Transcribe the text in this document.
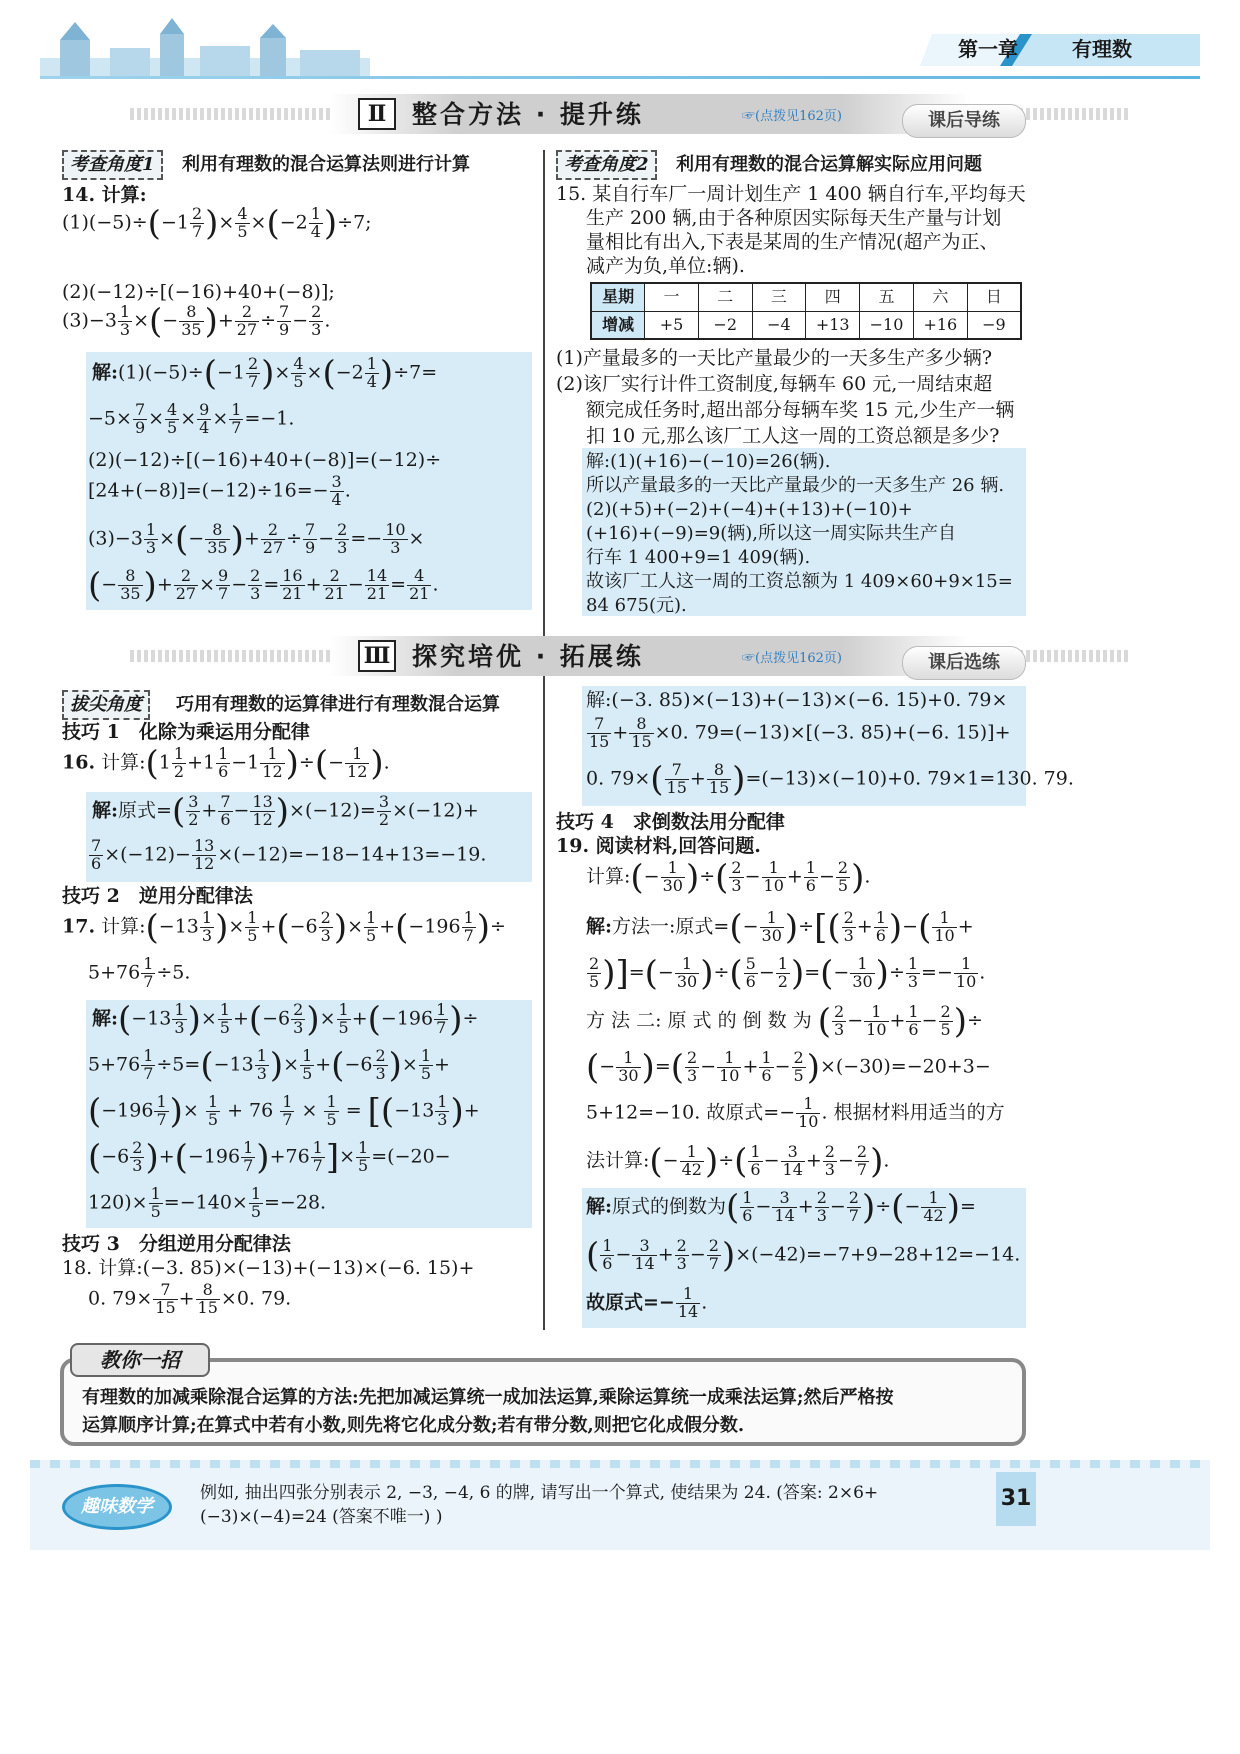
第一章	有理数
Ⅱ	整合方法 · 提升练	☞(点拨见162页)	课后导练
考查角度1	利用有理数的混合运算法则进行计算
14. 计算:
$(1)(-5)\div(-1 \frac{2}{7}$ )× $\frac{4}{5} \times(-2 \frac{1}{4} )\div 7$;
(2)(−12)÷[(−16)+40+(−8)];
$(3)-3 \frac{1}{3}$ ×(− $\frac{8}{35}$ )+ $\frac{2}{27} \div \frac{7}{9} - \frac{2}{3}$ .
解:(1)(−5)÷(−1 $\frac{2}{7}$ )× $\frac{4}{5} \times(-2 \frac{1}{4} )\div 7=$
$-5\times \frac{7}{9} \times \frac{4}{5} \times \frac{9}{4} \times \frac{1}{7} =-1$.
(2)(−12)÷[(−16)+40+(−8)]=(−12)÷
$[24+(-8)]=(-12)\div 16=- \frac{3}{4}$ .
$(3)-3 \frac{1}{3}$ ×(− $\frac{8}{35}$ )+ $\frac{2}{27} \div \frac{7}{9} - \frac{2}{3} =- \frac{10}{3}$ ×
(− $\frac{8}{35}$ )+ $\frac{2}{27} \times \frac{9}{7} - \frac{2}{3} = \frac{16}{21} + \frac{2}{21} - \frac{14}{21} = \frac{4}{21}$ .
考查角度2	利用有理数的混合运算解实际应用问题
15. 某自行车厂一周计划生产 1 400 辆自行车,平均每天
生产 200 辆,由于各种原因实际每天生产量与计划
量相比有出入,下表是某周的生产情况(超产为正、
减产为负,单位:辆).
星期	一	二	三	四	五	六	日
增减	+5	−2	−4	+13	−10	+16	−9
(1)产量最多的一天比产量最少的一天多生产多少辆?
(2)该厂实行计件工资制度,每辆车 60 元,一周结束超
额完成任务时,超出部分每辆车奖 15 元,少生产一辆
扣 10 元,那么该厂工人这一周的工资总额是多少?
解:(1)(+16)−(−10)=26(辆).
所以产量最多的一天比产量最少的一天多生产 26 辆.
(2)(+5)+(−2)+(−4)+(+13)+(−10)+
(+16)+(−9)=9(辆),所以这一周实际共生产自
行车 1 400+9=1 409(辆).
故该厂工人这一周的工资总额为 1 409×60+9×15=
84 675(元).
Ⅲ 探究培优 · 拓展练	☞(点拨见162页)	课后选练
拔尖角度	巧用有理数的运算律进行有理数混合运算
技巧 1　化除为乘运用分配律
16. 计算:(1 $\frac{1}{2} +1 \frac{1}{6} -1 \frac{1}{12}$ )÷(− $\frac{1}{12}$ ).
解:原式=( $\frac{3}{2} + \frac{7}{6} - \frac{13}{12} )\times(-12)= \frac{3}{2} \times(-12)+$
$\frac{7}{6} \times(-12)- \frac{13}{12} \times(-12)=-18-14+13=-19$.
技巧 2　逆用分配律法
17. 计算:(−13 $\frac{1}{3}$ )× $\frac{1}{5} +(-6 \frac{2}{3}$ )× $\frac{1}{5} +(-196 \frac{1}{7}$ )÷
$5+76 \frac{1}{7} \div 5$.
解:(−13 $\frac{1}{3}$ )× $\frac{1}{5} +(-6 \frac{2}{3}$ )× $\frac{1}{5} +(-196 \frac{1}{7}$ )÷
$5+76 \frac{1}{7} \div 5=(-13 \frac{1}{3}$ )× $\frac{1}{5} +(-6 \frac{2}{3}$ )× $\frac{1}{5}$ +
($-196 \frac{1}{7}$ )× $\frac{1}{5} + 76 \frac{1}{7} \times \frac{1}{5} = [(-13 \frac{1}{3}$ )+
$(-6 \frac{2}{3} )+(-196 \frac{1}{7} )+76 \frac{1}{7}$ ]× $\frac{1}{5} =(-20-$
$120)\times \frac{1}{5} =-140\times \frac{1}{5} =-28$.
技巧 3　分组逆用分配律法
18. 计算:(−3. 85)×(−13)+(−13)×(−6. 15)+
0. $79\times \frac{7}{15} + \frac{8}{15} \times 0$. 79.
解:(−3. 85)×(−13)+(−13)×(−6. 15)+0. 79×
$\frac{7}{15} + \frac{8}{15} \times 0$. 79=(−13)×[(−3. 85)+(−6. 15)]+
0. $79\times( \frac{7}{15} + \frac{8}{15} )=(-13)\times(-10)+0$. 79×1=130. 79.
技巧 4　求倒数法用分配律
19. 阅读材料,回答问题.
计算:(− $\frac{1}{30}$ )÷( $\frac{2}{3} - \frac{1}{10} + \frac{1}{6} - \frac{2}{5}$ ).
解:方法一:原式=(− $\frac{1}{30}$ )÷[( $\frac{2}{3} + \frac{1}{6}$ )−( $\frac{1}{10}$ +
$\frac{2}{5}$ )]=(− $\frac{1}{30}$ )÷( $\frac{5}{6} - \frac{1}{2}$ )=(− $\frac{1}{30}$ )÷ $\frac{1}{3} =- \frac{1}{10}$ .
方 法 二: 原 式 的 倒 数 为 ( $\frac{2}{3} - \frac{1}{10} + \frac{1}{6} - \frac{2}{5}$ )÷
(− $\frac{1}{30}$ )=( $\frac{2}{3} - \frac{1}{10} + \frac{1}{6} - \frac{2}{5} )\times(-30)=-20+3-$
5+12=−10. 故原式=− $\frac{1}{10}$ . 根据材料用适当的方
法计算:(− $\frac{1}{42}$ )÷( $\frac{1}{6} - \frac{3}{14} + \frac{2}{3} - \frac{2}{7}$ ).
解:原式的倒数为( $\frac{1}{6} - \frac{3}{14} + \frac{2}{3} - \frac{2}{7}$ )÷(− $\frac{1}{42}$ )=
( $\frac{1}{6} - \frac{3}{14} + \frac{2}{3} - \frac{2}{7} )\times(-42)=-7+9-28+12=-14$.
故原式=− $\frac{1}{14}$ .
教你一招
有理数的加减乘除混合运算的方法:先把加减运算统一成加法运算,乘除运算统一成乘法运算;然后严格按
运算顺序计算;在算式中若有小数,则先将它化成分数;若有带分数,则把它化成假分数.
趣味数学
例如, 抽出四张分别表示 2, −3, −4, 6 的牌, 请写出一个算式, 使结果为 24. (答案: 2×6+
(−3)×(−4)=24 (答案不唯一) )
31
